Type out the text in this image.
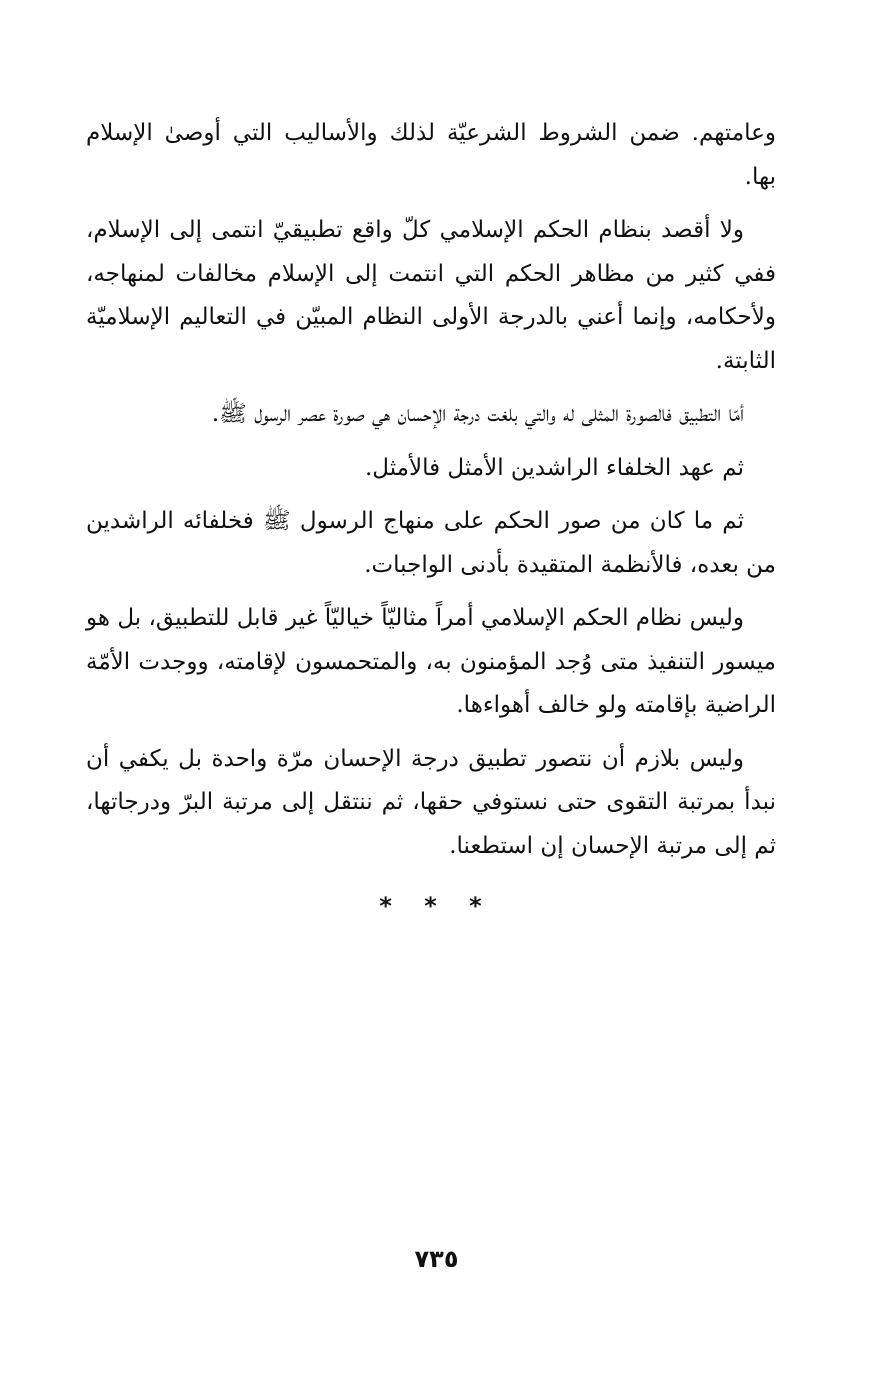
وعامتهم. ضمن الشروط الشرعيّة لذلك والأساليب التي أوصىٰ الإسلام بها.

ولا أقصد بنظام الحكم الإسلامي كلّ واقع تطبيقيّ انتمى إلى الإسلام، ففي كثير من مظاهر الحكم التي انتمت إلى الإسلام مخالفات لمنهاجه، ولأحكامه، وإنما أعني بالدرجة الأولى النظام المبيّن في التعاليم الإسلاميّة الثابتة.

أمّا التطبيق فالصورة المثلى له والتي بلغت درجة الإحسان هي صورة عصر الرسول ﷺ.

ثم عهد الخلفاء الراشدين الأمثل فالأمثل.

ثم ما كان من صور الحكم على منهاج الرسول ﷺ فخلفائه الراشدين من بعده، فالأنظمة المتقيدة بأدنى الواجبات.

وليس نظام الحكم الإسلامي أمراً مثاليّاً خياليّاً غير قابل للتطبيق، بل هو ميسور التنفيذ متى وُجد المؤمنون به، والمتحمسون لإقامته، ووجدت الأمّة الراضية بإقامته ولو خالف أهواءها.

وليس بلازم أن نتصور تطبيق درجة الإحسان مرّة واحدة بل يكفي أن نبدأ بمرتبة التقوى حتى نستوفي حقها، ثم ننتقل إلى مرتبة البرّ ودرجاتها، ثم إلى مرتبة الإحسان إن استطعنا.

* * *
٧٣٥
